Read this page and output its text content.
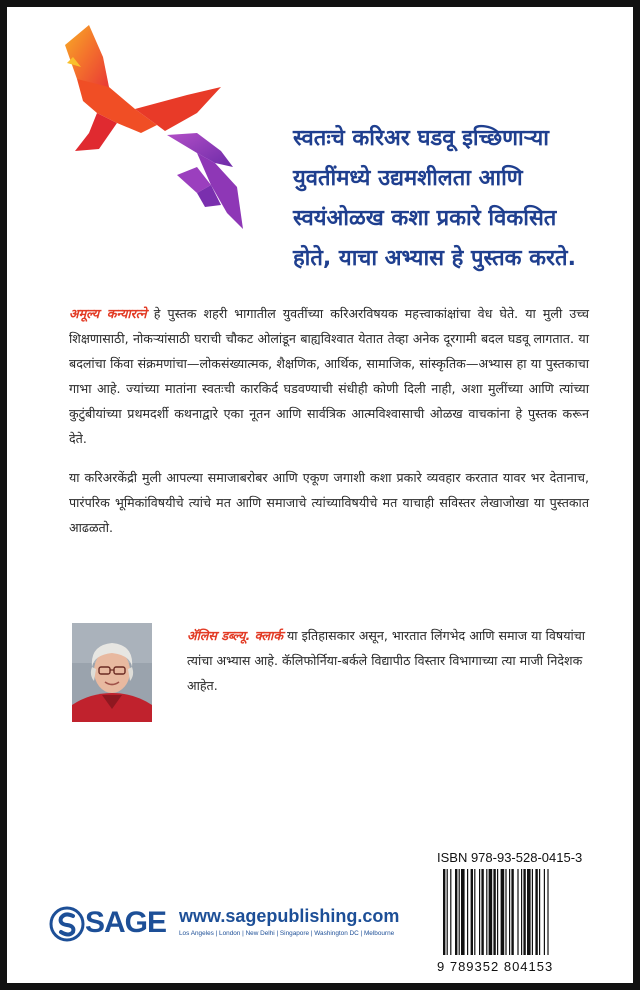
स्वतःचे करिअर घडवू इच्छिणाऱ्या
युवतींमध्ये उद्यमशीलता आणि
स्वयंओळख कशा प्रकारे विकसित
होते, याचा अभ्यास हे पुस्तक करते.

अमूल्य कन्यारत्ने हे पुस्तक शहरी भागातील युवतींच्या करिअरविषयक महत्त्वाकांक्षांचा वेध घेते. या मुली उच्च शिक्षणासाठी, नोकऱ्यांसाठी घराची चौकट ओलांडून बाह्यविश्वात येतात तेव्हा अनेक दूरगामी बदल घडवू लागतात. या बदलांचा किंवा संक्रमणांचा—लोकसंख्यात्मक, शैक्षणिक, आर्थिक, सामाजिक, सांस्कृतिक—अभ्यास हा या पुस्तकाचा गाभा आहे. ज्यांच्या मातांना स्वतःची कारकिर्द घडवण्याची संधीही कोणी दिली नाही, अशा मुलींच्या आणि त्यांच्या कुटुंबीयांच्या प्रथमदर्शी कथनाद्वारे एका नूतन आणि सार्वत्रिक आत्मविश्वासाची ओळख वाचकांना हे पुस्तक करून देते.

या करिअरकेंद्री मुली आपल्या समाजाबरोबर आणि एकूण जगाशी कशा प्रकारे व्यवहार करतात यावर भर देतानाच, पारंपरिक भूमिकांविषयीचे त्यांचे मत आणि समाजाचे त्यांच्याविषयीचे मत याचाही सविस्तर लेखाजोखा या पुस्तकात आढळतो.

ॲलिस डब्ल्यू. क्लार्क या इतिहासकार असून, भारतात लिंगभेद आणि समाज या विषयांचा त्यांचा अभ्यास आहे. कॅलिफोर्निया-बर्कले विद्यापीठ विस्तार विभागाच्या त्या माजी निदेशक आहेत.
ISBN 978-93-528-0415-3
9 789352 804153
SAGE www.sagepublishing.com
Los Angeles | London | New Delhi | Singapore | Washington DC | Melbourne
